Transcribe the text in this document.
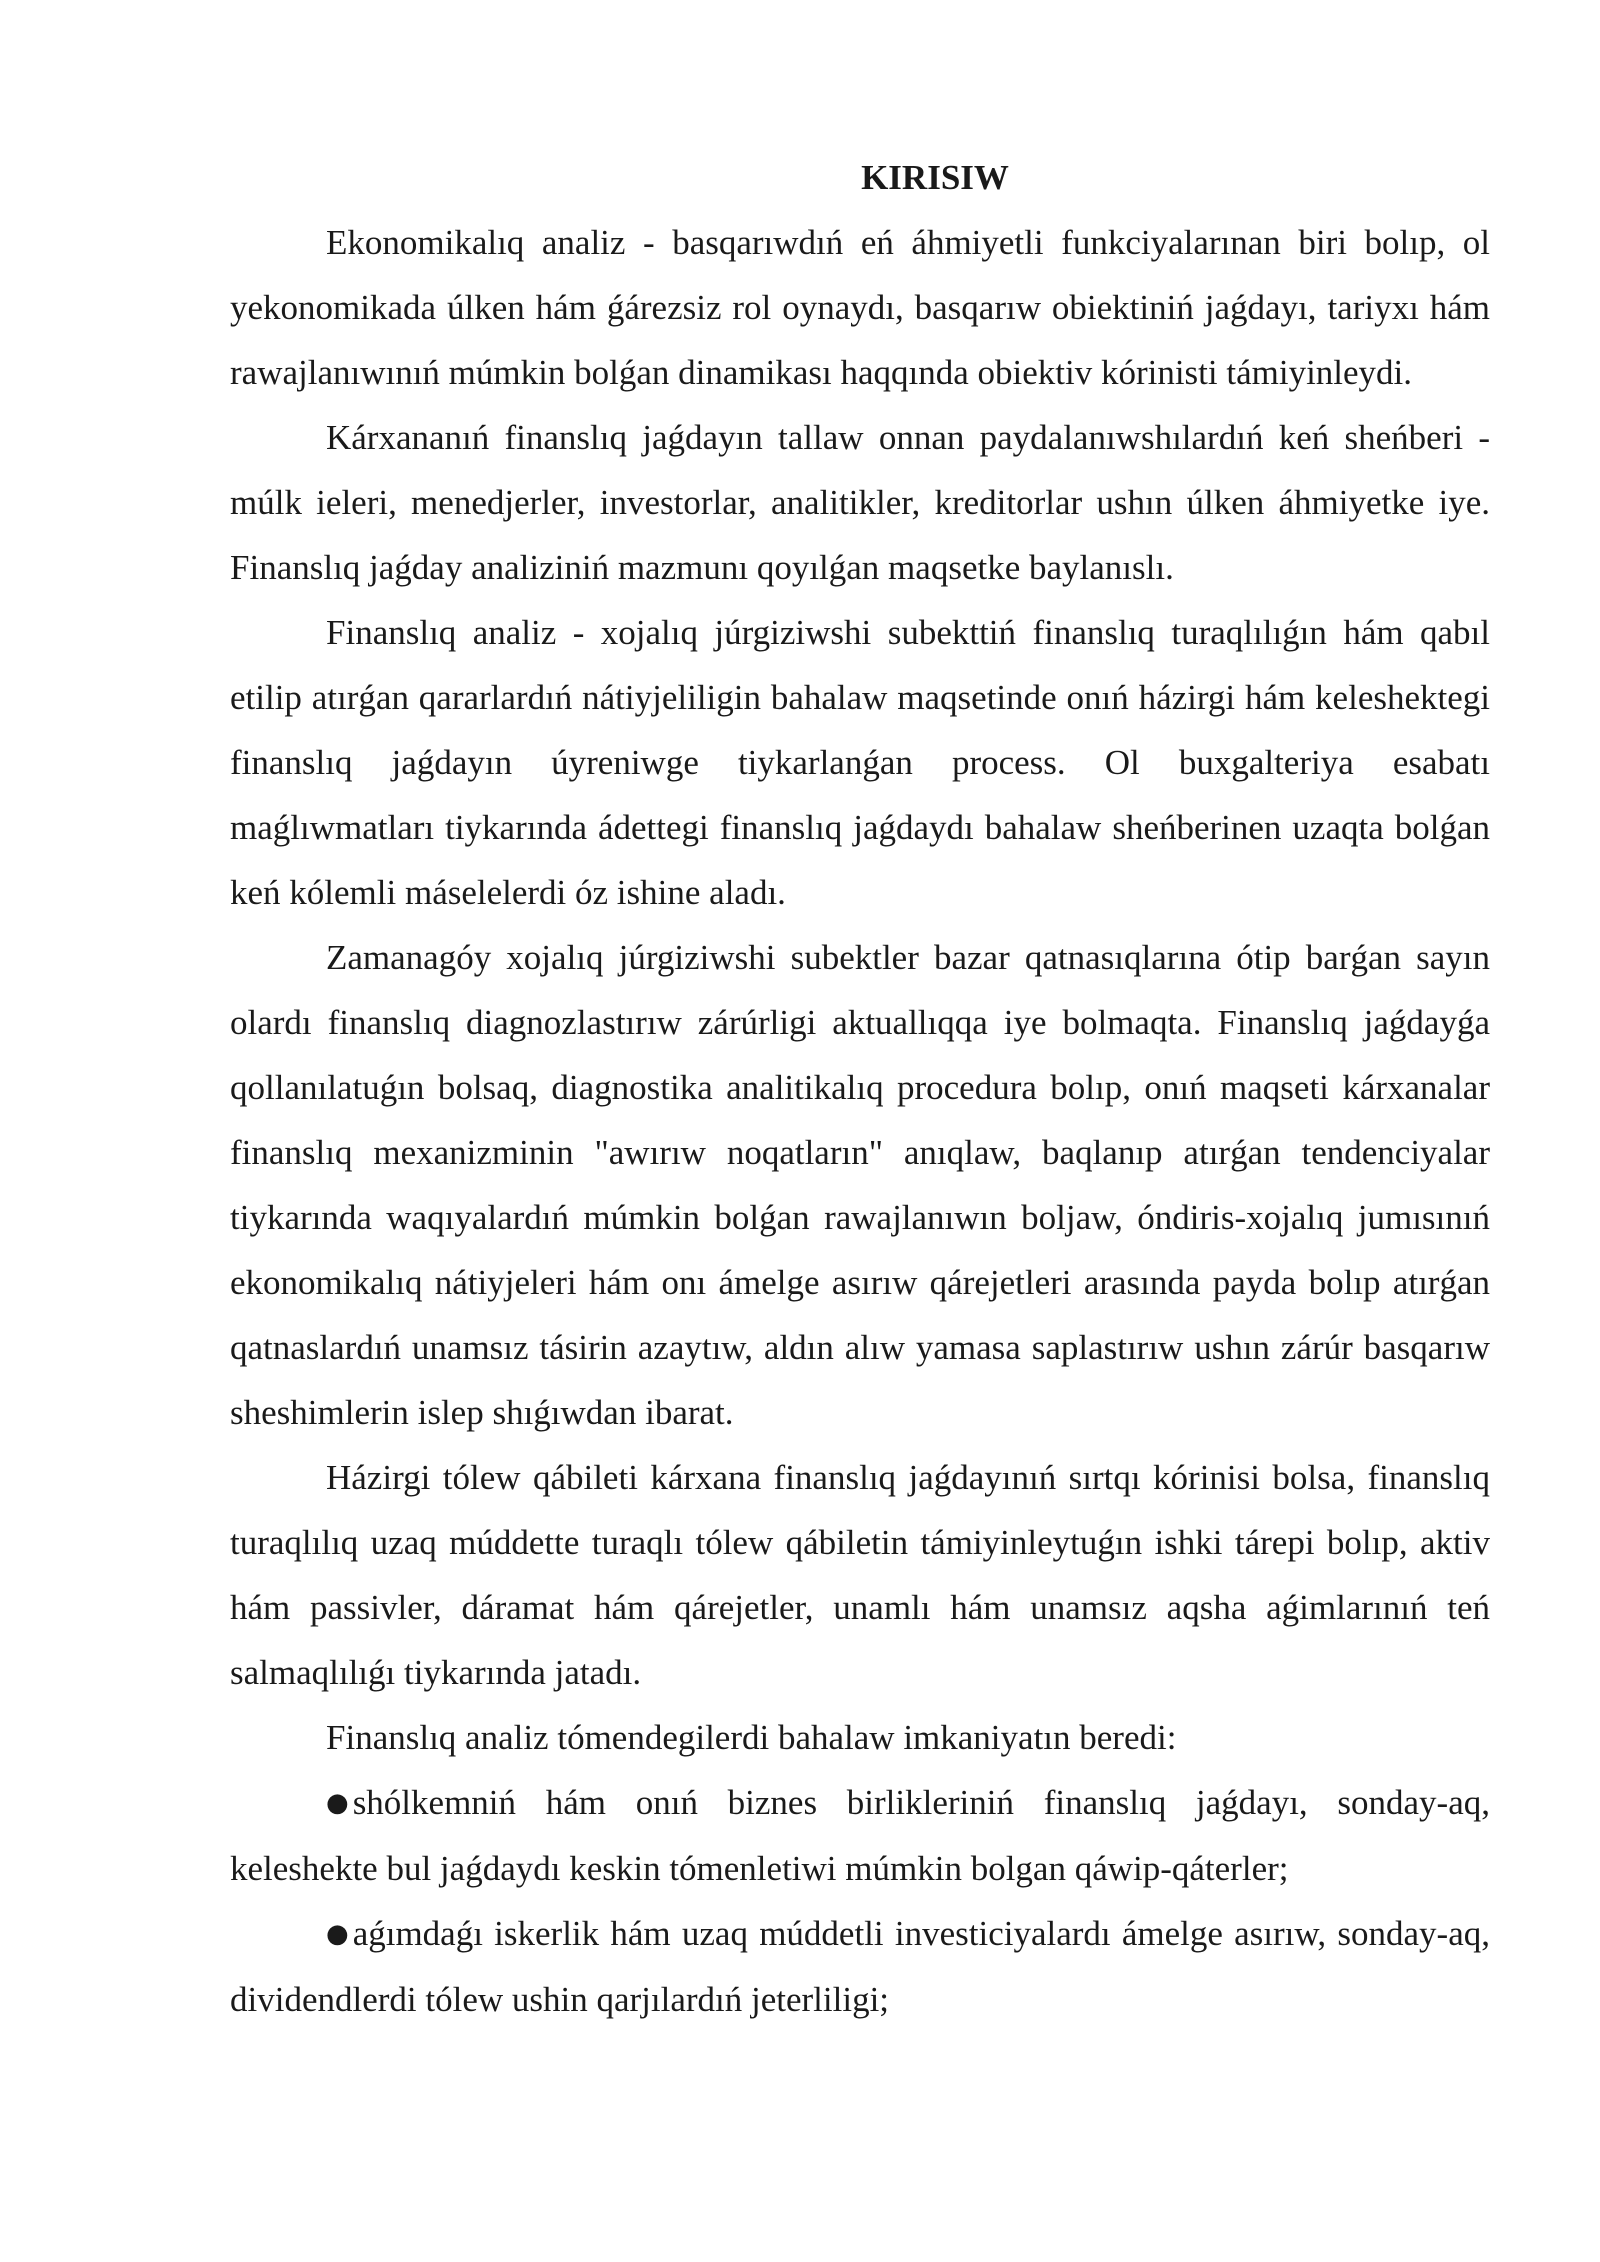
KIRISIW

Ekonomikalıq analiz - basqarıwdıń eń áhmiyetli funkciyalarınan biri bolıp, ol yekonomikada úlken hám ǵárezsiz rol oynaydı, basqarıw obiektiniń jaǵdayı, tariyxı hám rawajlanıwınıń múmkin bolǵan dinamikası haqqında obiektiv kórinisti támiyinleydi.

Kárxananıń finanslıq jaǵdayın tallaw onnan paydalanıwshılardıń keń sheńberi - múlk ieleri, menedjerler, investorlar, analitikler, kreditorlar ushın úlken áhmiyetke iye. Finanslıq jaǵday analiziniń mazmunı qoyılǵan maqsetke baylanıslı.

Finanslıq analiz - xojalıq júrgiziwshi subekttiń finanslıq turaqlılıǵın hám qabıl etilip atırǵan qararlardıń nátiyjeliligin bahalaw maqsetinde onıń házirgi hám keleshektegi finanslıq jaǵdayın úyreniwge tiykarlanǵan process. Ol buxgalteriya esabatı maǵlıwmatları tiykarında ádettegi finanslıq jaǵdaydı bahalaw sheńberinen uzaqta bolǵan keń kólemli máselelerdi óz ishine aladı.

Zamanagóy xojalıq júrgiziwshi subektler bazar qatnasıqlarına ótip barǵan sayın olardı finanslıq diagnozlastırıw zárúrligi aktuallıqqa iye bolmaqta. Finanslıq jaǵdayǵa qollanılatuǵın bolsaq, diagnostika analitikalıq procedura bolıp, onıń maqseti kárxanalar finanslıq mexanizminin "awırıw noqatların" anıqlaw, baqlanıp atırǵan tendenciyalar tiykarında waqıyalardıń múmkin bolǵan rawajlanıwın boljaw, óndiris-xojalıq jumısınıń ekonomikalıq nátiyjeleri hám onı ámelge asırıw qárejetleri arasında payda bolıp atırǵan qatnaslardıń unamsız tásirin azaytıw, aldın alıw yamasa saplastırıw ushın zárúr basqarıw sheshimlerin islep shıǵıwdan ibarat.

Házirgi tólew qábileti kárxana finanslıq jaǵdayınıń sırtqı kórinisi bolsa, finanslıq turaqlılıq uzaq múddette turaqlı tólew qábiletin támiyinleytuǵın ishki tárepi bolıp, aktiv hám passivler, dáramat hám qárejetler, unamlı hám unamsız aqsha aǵimlarınıń teń salmaqlılıǵı tiykarında jatadı.

Finanslıq analiz tómendegilerdi bahalaw imkaniyatın beredi:

● shólkemniń hám onıń biznes birlikleriniń finanslıq jaǵdayı, sonday-aq, keleshekte bul jaǵdaydı keskin tómenletiwi múmkin bolgan qáwip-qáterler;

● aǵımdaǵı iskerlik hám uzaq múddetli investiciyalardı ámelge asırıw, sonday-aq, dividendlerdi tólew ushin qarjılardıń jeterliligi;
